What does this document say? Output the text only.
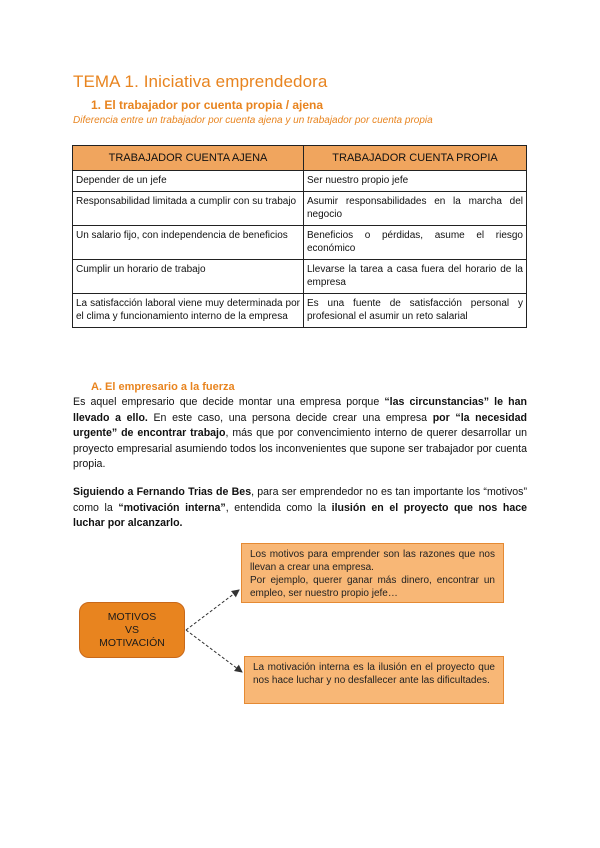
TEMA 1. Iniciativa emprendedora
1. El trabajador por cuenta propia / ajena
Diferencia entre un trabajador por cuenta ajena y un trabajador por cuenta propia
TRABAJADOR CUENTA AJENA	TRABAJADOR CUENTA PROPIA
Depender de un jefe	Ser nuestro propio jefe
Responsabilidad limitada a cumplir con su trabajo	Asumir responsabilidades en la marcha del negocio
Un salario fijo, con independencia de beneficios	Beneficios o pérdidas, asume el riesgo económico
Cumplir un horario de trabajo	Llevarse la tarea a casa fuera del horario de la empresa
La satisfacción laboral viene muy determinada por el clima y funcionamiento interno de la empresa	Es una fuente de satisfacción personal y profesional el asumir un reto salarial
A. El empresario a la fuerza
Es aquel empresario que decide montar una empresa porque “las circunstancias” le han llevado a ello. En este caso, una persona decide crear una empresa por “la necesidad urgente” de encontrar trabajo, más que por convencimiento interno de querer desarrollar un proyecto empresarial asumiendo todos los inconvenientes que supone ser trabajador por cuenta propia.
Siguiendo a Fernando Trias de Bes, para ser emprendedor no es tan importante los “motivos” como la “motivación interna”, entendida como la ilusión en el proyecto que nos hace luchar por alcanzarlo.
MOTIVOS
VS
MOTIVACIÓN
Los motivos para emprender son las razones que nos llevan a crear una empresa.
Por ejemplo, querer ganar más dinero, encontrar un empleo, ser nuestro propio jefe…
La motivación interna es la ilusión en el proyecto que nos hace luchar y no desfallecer ante las dificultades.
